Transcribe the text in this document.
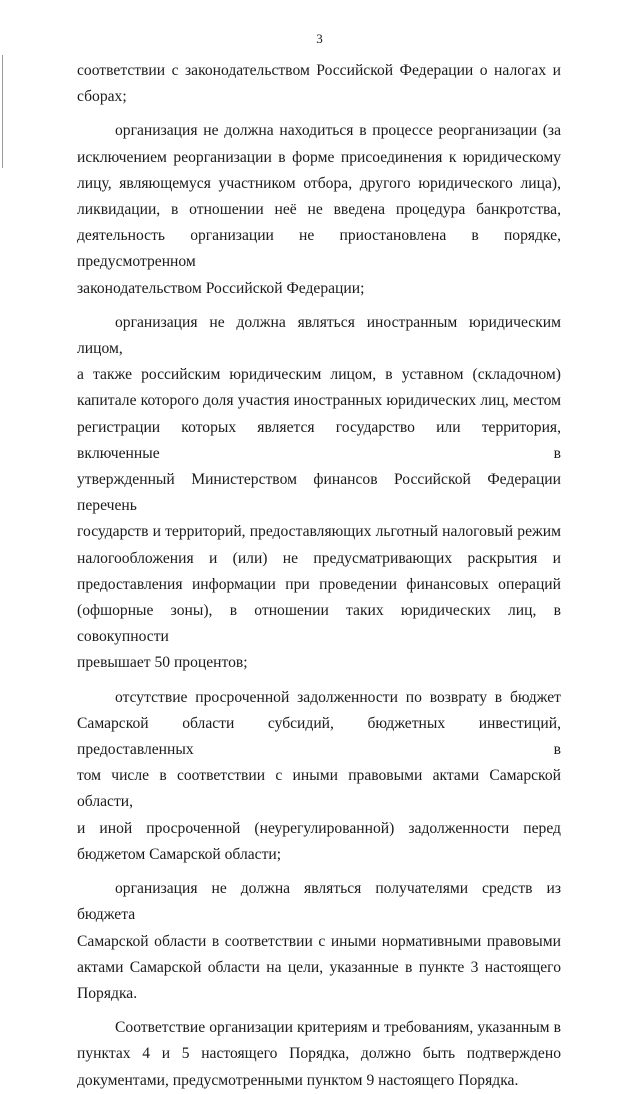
3

соответствии с законодательством Российской Федерации о налогах и

сборах;

организация не должна находиться в процессе реорганизации (за

исключением реорганизации в форме присоединения к юридическому

лицу, являющемуся участником отбора, другого юридического лица),

ликвидации, в отношении неё не введена процедура банкротства,

деятельность организации не приостановлена в порядке, предусмотренном

законодательством Российской Федерации;

организация не должна являться иностранным юридическим лицом,

а также российским юридическим лицом, в уставном (складочном)

капитале которого доля участия иностранных юридических лиц, местом

регистрации которых является государство или территория, включенные в

утвержденный Министерством финансов Российской Федерации перечень

государств и территорий, предоставляющих льготный налоговый режим

налогообложения и (или) не предусматривающих раскрытия и

предоставления информации при проведении финансовых операций

(офшорные зоны), в отношении таких юридических лиц, в совокупности

превышает 50 процентов;

отсутствие просроченной задолженности по возврату в бюджет

Самарской области субсидий, бюджетных инвестиций, предоставленных в

том числе в соответствии с иными правовыми актами Самарской области,

и иной просроченной (неурегулированной) задолженности перед

бюджетом Самарской области;

организация не должна являться получателями средств из бюджета

Самарской области в соответствии с иными нормативными правовыми

актами Самарской области на цели, указанные в пункте 3 настоящего

Порядка.

Соответствие организации критериям и требованиям, указанным в

пунктах 4 и 5 настоящего Порядка, должно быть подтверждено

документами, предусмотренными пунктом 9 настоящего Порядка.
